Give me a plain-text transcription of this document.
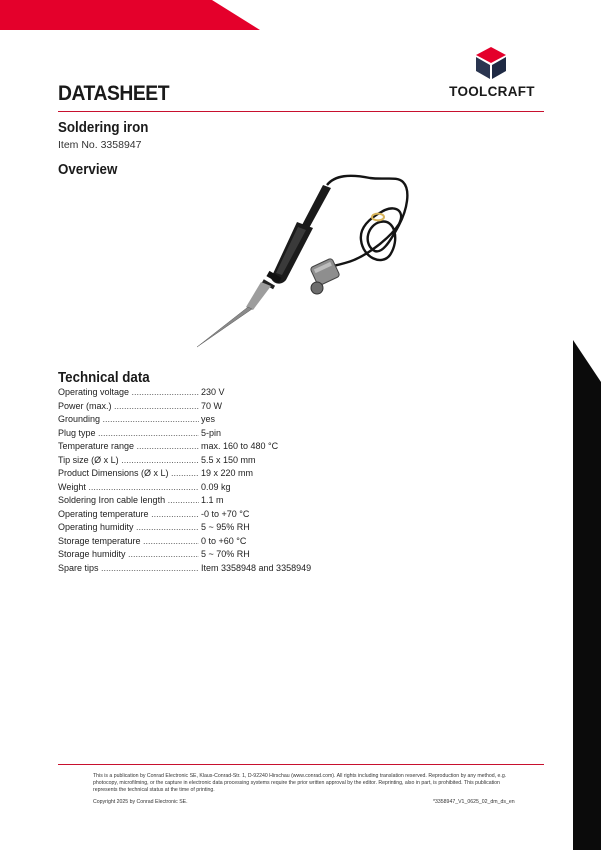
DATASHEET	TOOLCRAFT
Soldering iron
Item No. 3358947
Overview
Technical data
Operating voltage .....	230 V
Power (max.) .....	70 W
Grounding .....	yes
Plug type .....	5-pin
Temperature range .....	max. 160 to 480 °C
Tip size (Ø x L) .....	5.5 x 150 mm
Product Dimensions (Ø x L) .....	19 x 220 mm
Weight .....	0.09 kg
Soldering Iron cable length .....	1.1 m
Operating temperature .....	-0 to +70 °C
Operating humidity .....	5 ~ 95% RH
Storage temperature .....	0 to +60 °C
Storage humidity .....	5 ~ 70% RH
Spare tips .....	Item 3358948 and 3358949
This is a publication by Conrad Electronic SE, Klaus-Conrad-Str. 1, D-92240 Hirschau (www.conrad.com). All rights including translation reserved. Reproduction by any method, e.g. photocopy, microfilming, or the capture in electronic data processing systems require the prior written approval by the editor. Reprinting, also in part, is prohibited. This publication represents the technical status at the time of printing.
Copyright 2025 by Conrad Electronic SE.	*3358947_V1_0625_02_dm_ds_en
